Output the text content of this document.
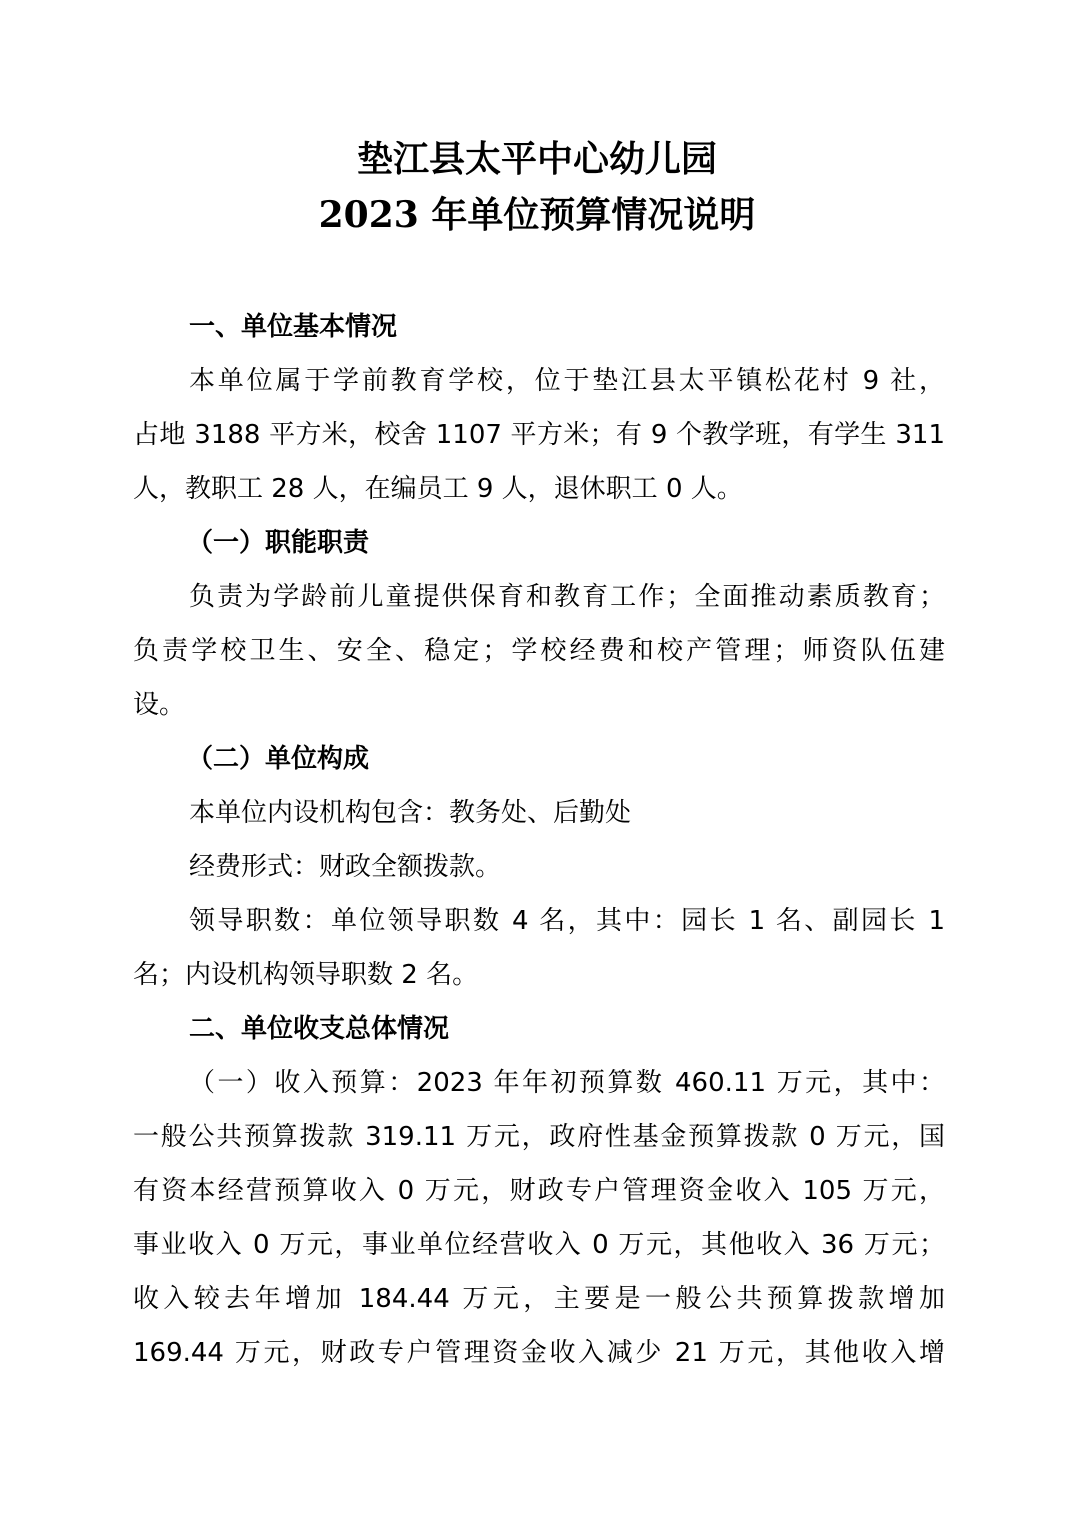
垫江县太平中心幼儿园
2023 年单位预算情况说明
一、单位基本情况
本单位属于学前教育学校，位于垫江县太平镇松花村 9 社，
占地 3188 平方米，校舍 1107 平方米；有 9 个教学班，有学生 311
人，教职工 28 人，在编员工 9 人，退休职工 0 人。
（一）职能职责
负责为学龄前儿童提供保育和教育工作；全面推动素质教育；
负责学校卫生、安全、稳定；学校经费和校产管理；师资队伍建
设。
（二）单位构成
本单位内设机构包含：教务处、后勤处
经费形式：财政全额拨款。
领导职数：单位领导职数 4 名，其中：园长 1 名、副园长 1
名；内设机构领导职数 2 名。
二、单位收支总体情况
（一）收入预算：2023 年年初预算数 460.11 万元，其中：
一般公共预算拨款 319.11 万元，政府性基金预算拨款 0 万元，国
有资本经营预算收入 0 万元，财政专户管理资金收入 105 万元，
事业收入 0 万元，事业单位经营收入 0 万元，其他收入 36 万元；
收入较去年增加 184.44 万元，主要是一般公共预算拨款增加
169.44 万元，财政专户管理资金收入减少 21 万元，其他收入增
